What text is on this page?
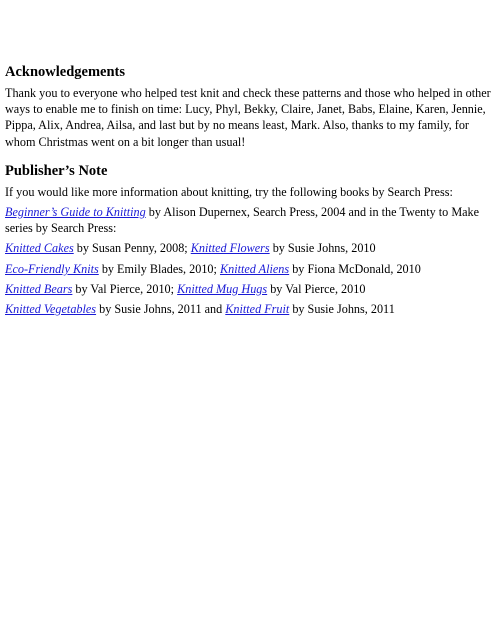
Acknowledgements

Thank you to everyone who helped test knit and check these patterns and those who helped in other ways to enable me to finish on time: Lucy, Phyl, Bekky, Claire, Janet, Babs, Elaine, Karen, Jennie, Pippa, Alix, Andrea, Ailsa, and last but by no means least, Mark. Also, thanks to my family, for whom Christmas went on a bit longer than usual!

Publisher’s Note

If you would like more information about knitting, try the following books by Search Press:

Beginner’s Guide to Knitting by Alison Dupernex, Search Press, 2004 and in the Twenty to Make series by Search Press:

Knitted Cakes by Susan Penny, 2008; Knitted Flowers by Susie Johns, 2010

Eco-Friendly Knits by Emily Blades, 2010; Knitted Aliens by Fiona McDonald, 2010

Knitted Bears by Val Pierce, 2010; Knitted Mug Hugs by Val Pierce, 2010

Knitted Vegetables by Susie Johns, 2011 and Knitted Fruit by Susie Johns, 2011
